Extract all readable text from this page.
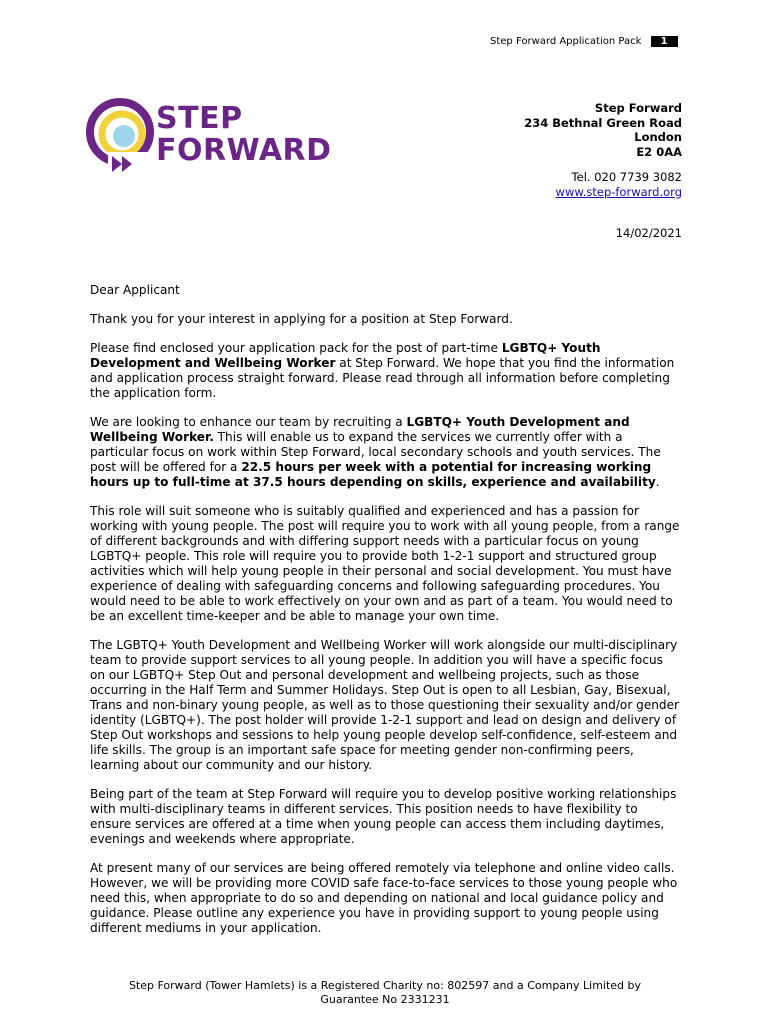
Step Forward Application Pack 1
STEP
FORWARD
Step Forward
234 Bethnal Green Road
London
E2 0AA
Tel. 020 7739 3082
www.step-forward.org
14/02/2021

Dear Applicant

Thank you for your interest in applying for a position at Step Forward.

Please find enclosed your application pack for the post of part-time LGBTQ+ Youth Development and Wellbeing Worker at Step Forward. We hope that you find the information and application process straight forward. Please read through all information before completing the application form.

We are looking to enhance our team by recruiting a LGBTQ+ Youth Development and Wellbeing Worker. This will enable us to expand the services we currently offer with a particular focus on work within Step Forward, local secondary schools and youth services. The post will be offered for a 22.5 hours per week with a potential for increasing working hours up to full-time at 37.5 hours depending on skills, experience and availability.

This role will suit someone who is suitably qualified and experienced and has a passion for working with young people. The post will require you to work with all young people, from a range of different backgrounds and with differing support needs with a particular focus on young LGBTQ+ people. This role will require you to provide both 1-2-1 support and structured group activities which will help young people in their personal and social development. You must have experience of dealing with safeguarding concerns and following safeguarding procedures. You would need to be able to work effectively on your own and as part of a team. You would need to be an excellent time-keeper and be able to manage your own time.

The LGBTQ+ Youth Development and Wellbeing Worker will work alongside our multi-disciplinary team to provide support services to all young people. In addition you will have a specific focus on our LGBTQ+ Step Out and personal development and wellbeing projects, such as those occurring in the Half Term and Summer Holidays. Step Out is open to all Lesbian, Gay, Bisexual, Trans and non-binary young people, as well as to those questioning their sexuality and/or gender identity (LGBTQ+). The post holder will provide 1-2-1 support and lead on design and delivery of Step Out workshops and sessions to help young people develop self-confidence, self-esteem and life skills. The group is an important safe space for meeting gender non-confirming peers, learning about our community and our history.

Being part of the team at Step Forward will require you to develop positive working relationships with multi-disciplinary teams in different services. This position needs to have flexibility to ensure services are offered at a time when young people can access them including daytimes, evenings and weekends where appropriate.

At present many of our services are being offered remotely via telephone and online video calls. However, we will be providing more COVID safe face-to-face services to those young people who need this, when appropriate to do so and depending on national and local guidance policy and guidance. Please outline any experience you have in providing support to young people using different mediums in your application.

Step Forward (Tower Hamlets) is a Registered Charity no: 802597 and a Company Limited by
Guarantee No 2331231
